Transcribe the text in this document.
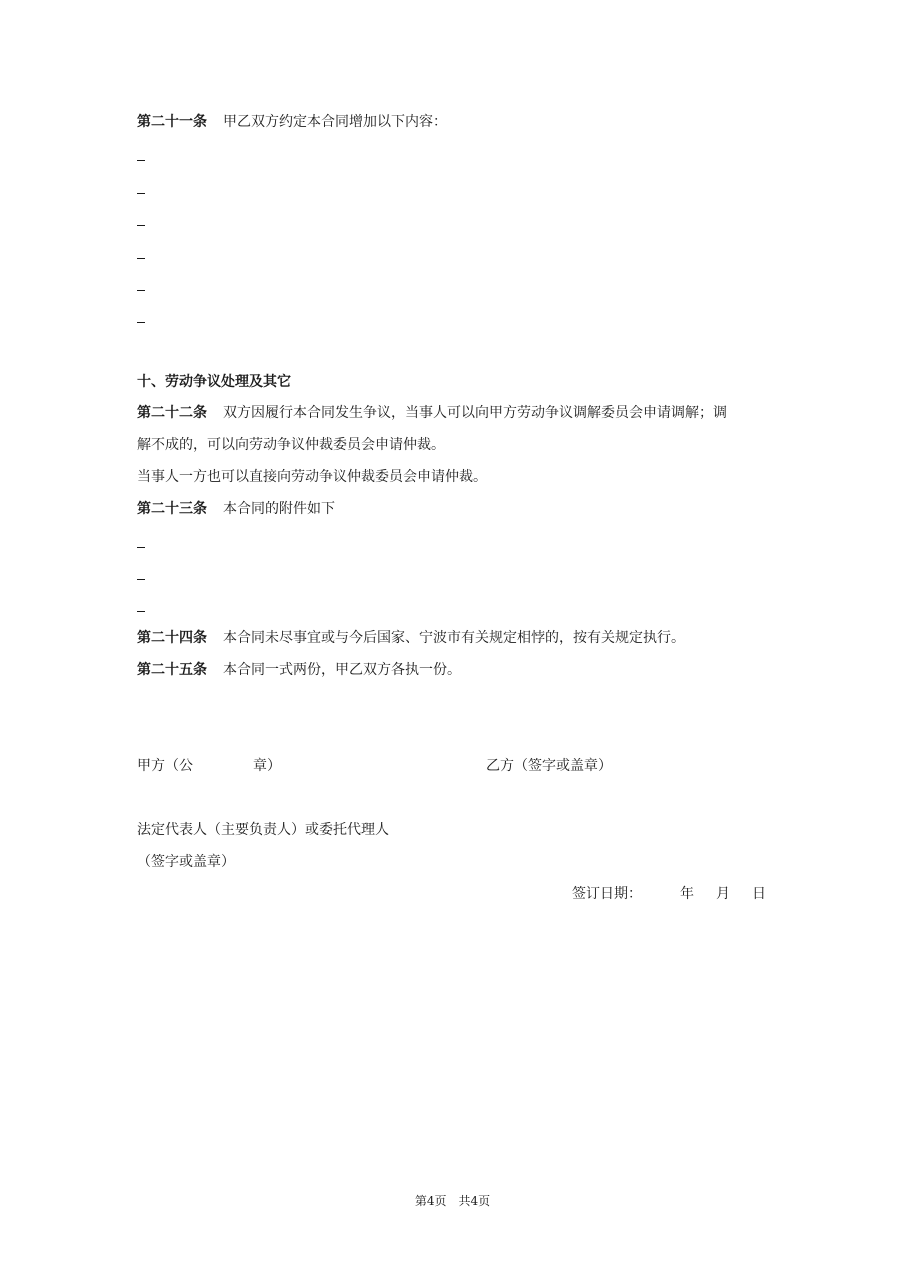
第二十一条 甲乙双方约定本合同增加以下内容：
十、劳动争议处理及其它
第二十二条 双方因履行本合同发生争议，当事人可以向甲方劳动争议调解委员会申请调解；调
解不成的，可以向劳动争议仲裁委员会申请仲裁。
当事人一方也可以直接向劳动争议仲裁委员会申请仲裁。
第二十三条 本合同的附件如下
第二十四条 本合同未尽事宜或与今后国家、宁波市有关规定相悖的，按有关规定执行。
第二十五条 本合同一式两份，甲乙双方各执一份。
甲方（公	章）	乙方（签字或盖章）
法定代表人（主要负责人）或委托代理人
（签字或盖章）
签订日期：	年 月 日
第4页 共4页
